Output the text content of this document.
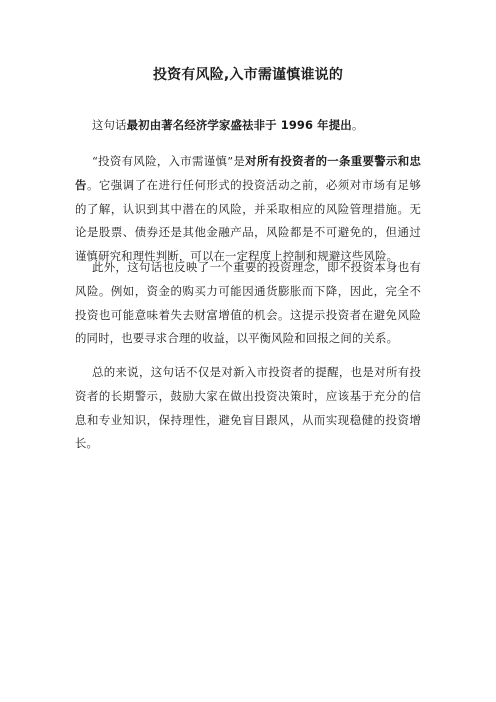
投资有风险,入市需谨慎谁说的

这句话最初由著名经济学家盛祛非于 1996 年提出。

“投资有风险，入市需谨慎”是对所有投资者的一条重要警示和忠告。它强调了在进行任何形式的投资活动之前，必须对市场有足够的了解，认识到其中潜在的风险，并采取相应的风险管理措施。无论是股票、债券还是其他金融产品，风险都是不可避免的，但通过谨慎研究和理性判断，可以在一定程度上控制和规避这些风险。

此外，这句话也反映了一个重要的投资理念，即不投资本身也有风险。例如，资金的购买力可能因通货膨胀而下降，因此，完全不投资也可能意味着失去财富增值的机会。这提示投资者在避免风险的同时，也要寻求合理的收益，以平衡风险和回报之间的关系。

总的来说，这句话不仅是对新入市投资者的提醒，也是对所有投资者的长期警示，鼓励大家在做出投资决策时，应该基于充分的信息和专业知识，保持理性，避免盲目跟风，从而实现稳健的投资增长。
